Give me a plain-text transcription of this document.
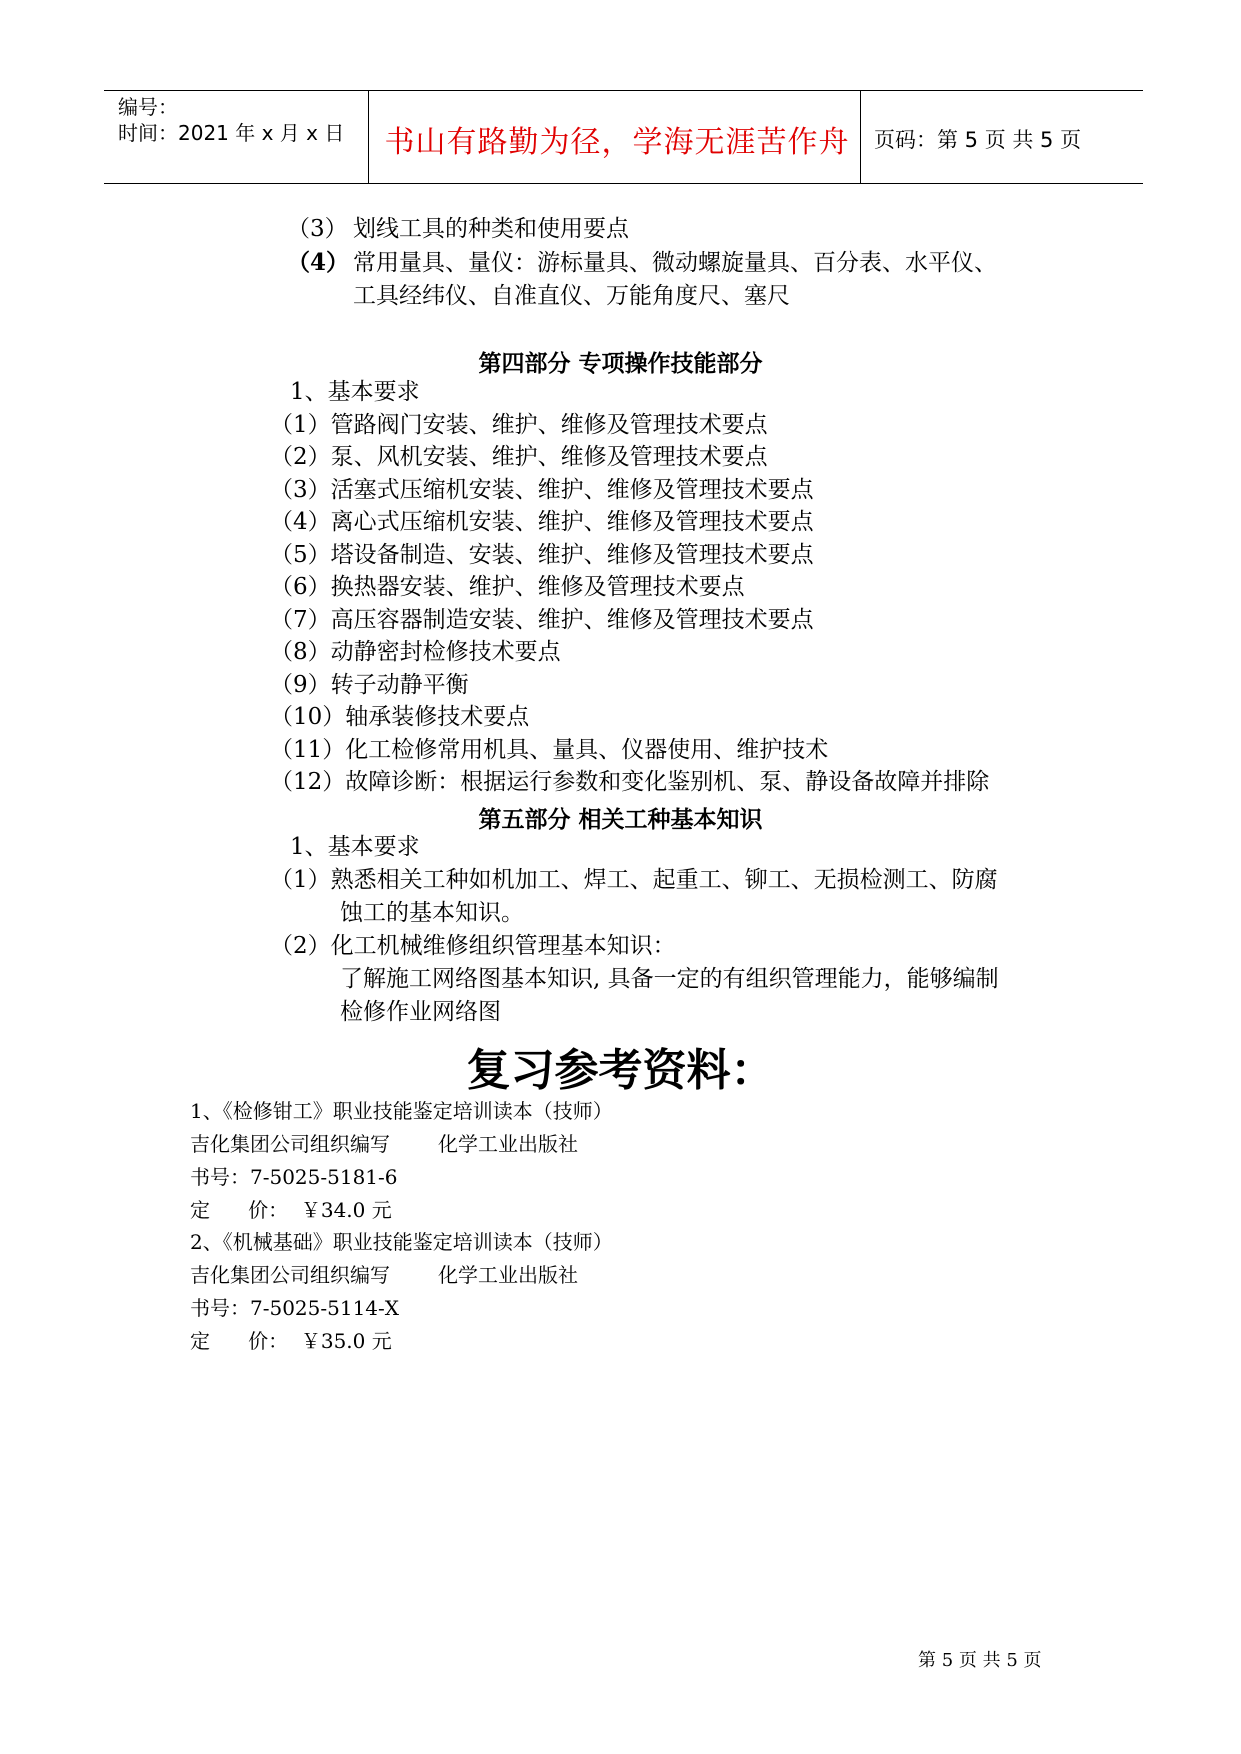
编号：
时间：2021 年 x 月 x 日	书山有路勤为径，学海无涯苦作舟	页码：第 5 页 共 5 页
（3） 划线工具的种类和使用要点
（4） 常用量具、量仪：游标量具、微动螺旋量具、百分表、水平仪、
工具经纬仪、自准直仪、万能角度尺、塞尺
第四部分 专项操作技能部分
1、基本要求
（1）管路阀门安装、维护、维修及管理技术要点
（2）泵、风机安装、维护、维修及管理技术要点
（3）活塞式压缩机安装、维护、维修及管理技术要点
（4）离心式压缩机安装、维护、维修及管理技术要点
（5）塔设备制造、安装、维护、维修及管理技术要点
（6）换热器安装、维护、维修及管理技术要点
（7）高压容器制造安装、维护、维修及管理技术要点
（8）动静密封检修技术要点
（9）转子动静平衡
（10）轴承装修技术要点
（11）化工检修常用机具、量具、仪器使用、维护技术
（12）故障诊断：根据运行参数和变化鉴别机、泵、静设备故障并排除
第五部分 相关工种基本知识
1、基本要求
（1）熟悉相关工种如机加工、焊工、起重工、铆工、无损检测工、防腐
蚀工的基本知识。
（2）化工机械维修组织管理基本知识：
了解施工网络图基本知识, 具备一定的有组织管理能力，能够编制
检修作业网络图
复习参考资料：
1、《检修钳工》职业技能鉴定培训读本（技师）
吉化集团公司组织编写 化学工业出版社
书号：7-5025-5181-6
定      价：  ￥34.0 元
2、《机械基础》职业技能鉴定培训读本（技师）
吉化集团公司组织编写 化学工业出版社
书号：7-5025-5114-X
定      价：  ￥35.0 元
第 5 页 共 5 页
